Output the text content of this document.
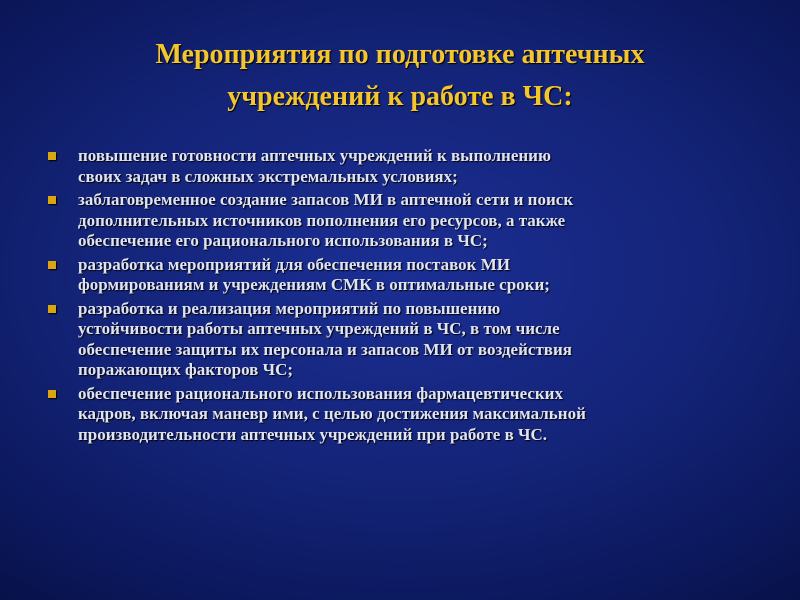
Мероприятия по подготовке аптечных
учреждений к работе в ЧС:
повышение готовности аптечных учреждений к выполнению
своих задач в сложных экстремальных условиях;
заблаговременное создание запасов МИ в аптечной сети и поиск
дополнительных источников пополнения его ресурсов, а также
обеспечение его рационального использования в ЧС;
разработка мероприятий для обеспечения поставок МИ
формированиям и учреждениям СМК в оптимальные сроки;
разработка и реализация мероприятий по повышению
устойчивости работы аптечных учреждений в ЧС, в том числе
обеспечение защиты их персонала и запасов МИ от воздействия
поражающих факторов ЧС;
обеспечение рационального использования фармацевтических
кадров, включая маневр ими, с целью достижения максимальной
производительности аптечных учреждений при работе в ЧС.
